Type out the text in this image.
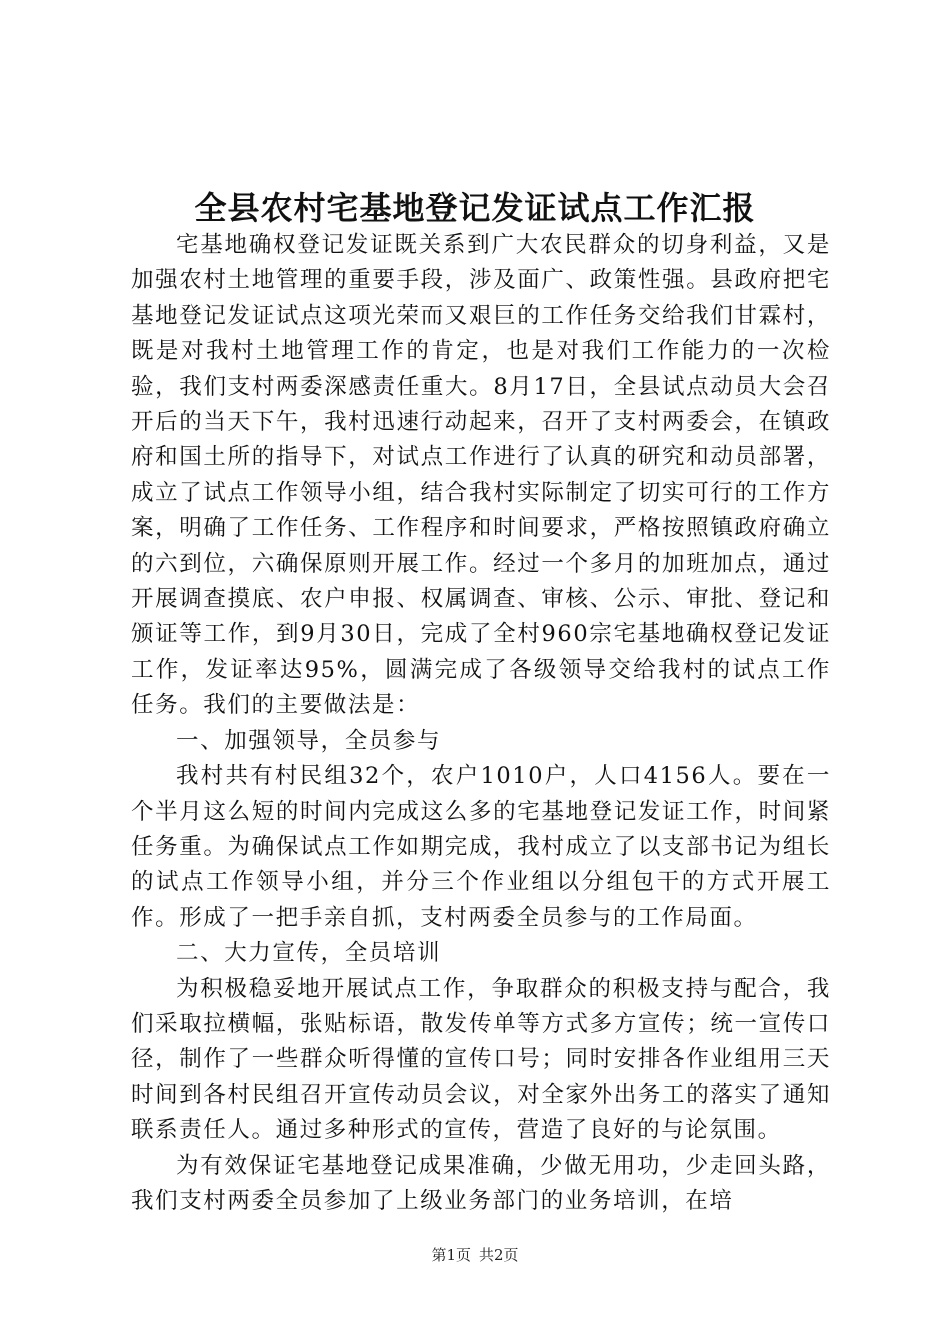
全县农村宅基地登记发证试点工作汇报

宅基地确权登记发证既关系到广大农民群众的切身利益，又是加强农村土地管理的重要手段，涉及面广、政策性强。县政府把宅基地登记发证试点这项光荣而又艰巨的工作任务交给我们甘霖村，既是对我村土地管理工作的肯定，也是对我们工作能力的一次检验，我们支村两委深感责任重大。8月17日，全县试点动员大会召开后的当天下午，我村迅速行动起来，召开了支村两委会，在镇政府和国土所的指导下，对试点工作进行了认真的研究和动员部署，成立了试点工作领导小组，结合我村实际制定了切实可行的工作方案，明确了工作任务、工作程序和时间要求，严格按照镇政府确立的六到位，六确保原则开展工作。经过一个多月的加班加点，通过开展调查摸底、农户申报、权属调查、审核、公示、审批、登记和颁证等工作，到9月30日，完成了全村960宗宅基地确权登记发证工作，发证率达95%，圆满完成了各级领导交给我村的试点工作任务。我们的主要做法是：

一、加强领导，全员参与

我村共有村民组32个，农户1010户，人口4156人。要在一个半月这么短的时间内完成这么多的宅基地登记发证工作，时间紧任务重。为确保试点工作如期完成，我村成立了以支部书记为组长的试点工作领导小组，并分三个作业组以分组包干的方式开展工作。形成了一把手亲自抓，支村两委全员参与的工作局面。

二、大力宣传，全员培训

为积极稳妥地开展试点工作，争取群众的积极支持与配合，我们采取拉横幅，张贴标语，散发传单等方式多方宣传；统一宣传口径，制作了一些群众听得懂的宣传口号；同时安排各作业组用三天时间到各村民组召开宣传动员会议，对全家外出务工的落实了通知联系责任人。通过多种形式的宣传，营造了良好的与论氛围。

为有效保证宅基地登记成果准确，少做无用功，少走回头路，我们支村两委全员参加了上级业务部门的业务培训，在培

第1页 共2页
